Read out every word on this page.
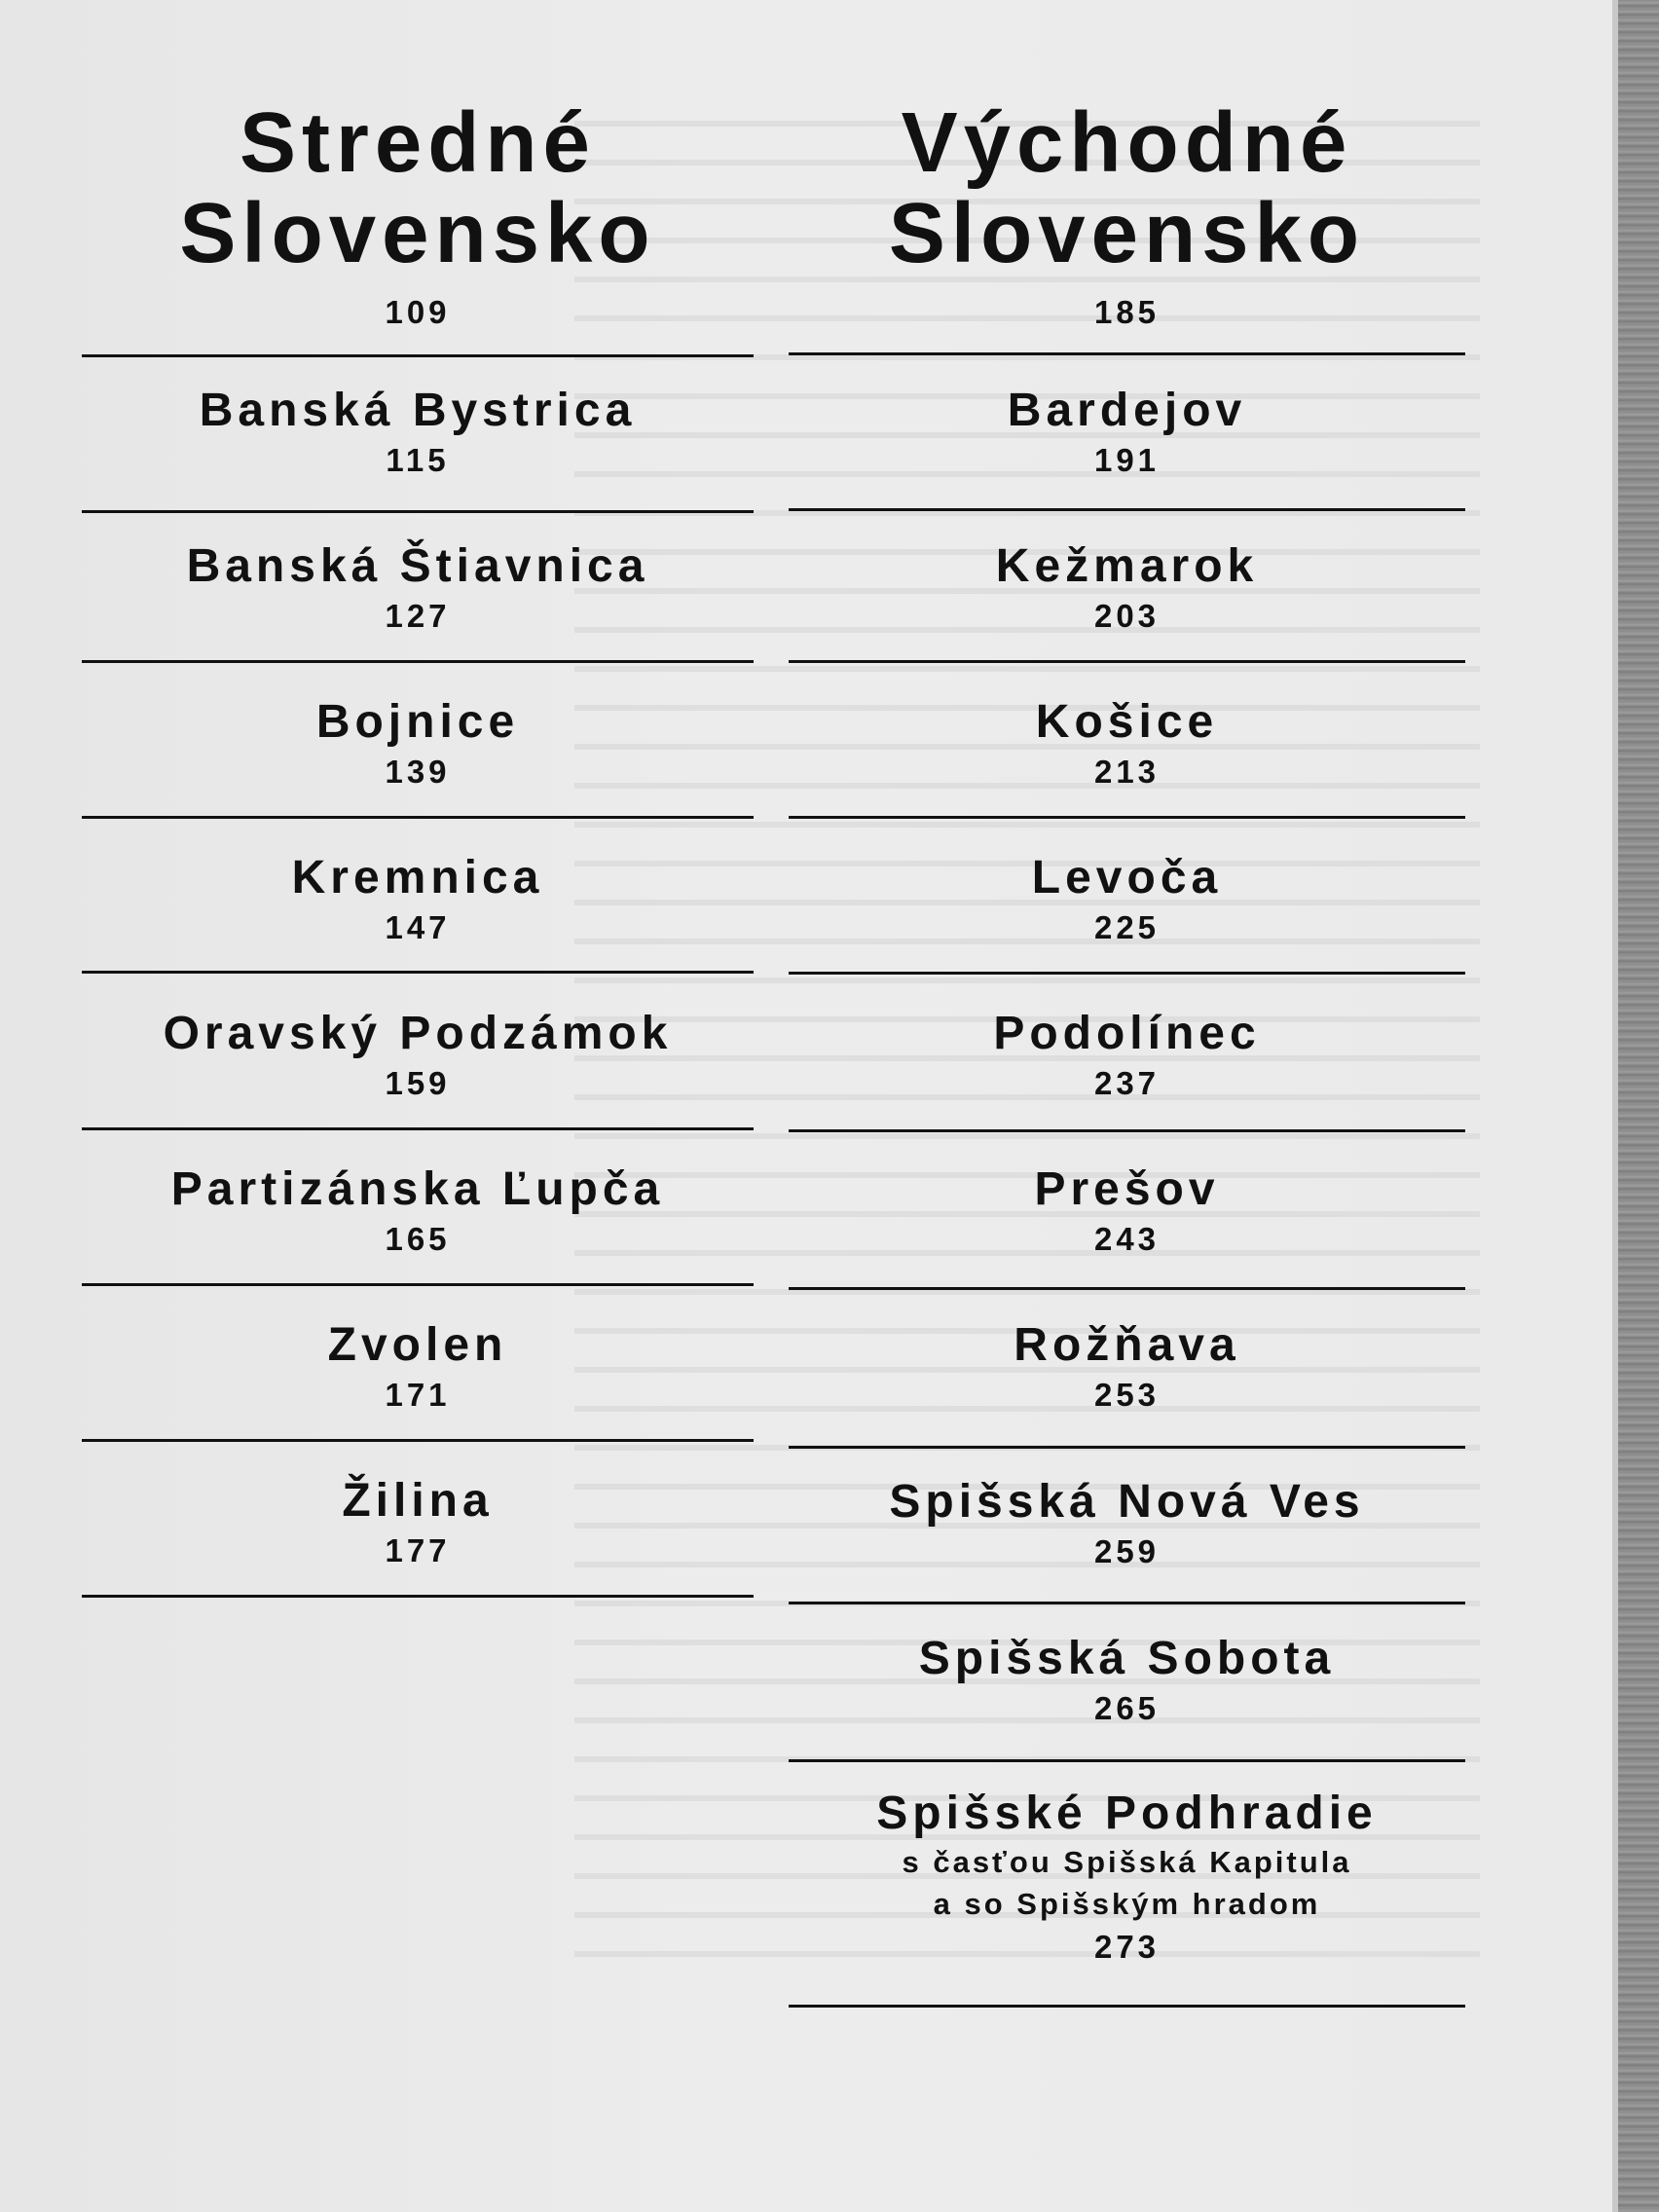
Stredné
Slovensko
109
Banská Bystrica
115
Banská Štiavnica
127
Bojnice
139
Kremnica
147
Oravský Podzámok
159
Partizánska Ľupča
165
Zvolen
171
Žilina
177
Východné
Slovensko
185
Bardejov
191
Kežmarok
203
Košice
213
Levoča
225
Podolínec
237
Prešov
243
Rožňava
253
Spišská Nová Ves
259
Spišská Sobota
265
Spišské Podhradie
s časťou Spišská Kapitula
a so Spišským hradom
273
